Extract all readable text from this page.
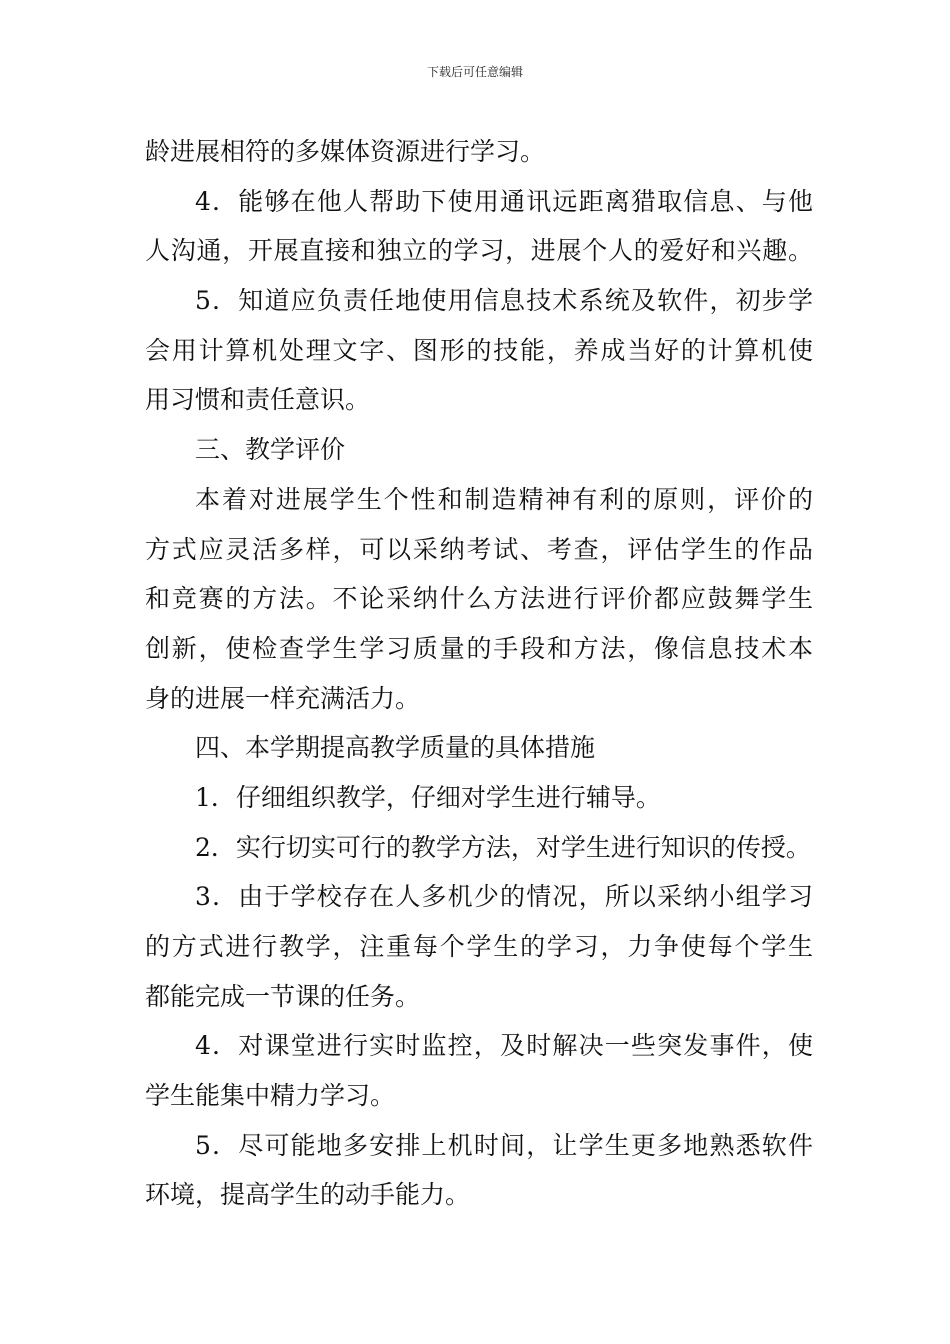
下载后可任意编辑
龄进展相符的多媒体资源进行学习。
4．能够在他人帮助下使用通讯远距离猎取信息、与他
人沟通，开展直接和独立的学习，进展个人的爱好和兴趣。
5．知道应负责任地使用信息技术系统及软件，初步学
会用计算机处理文字、图形的技能，养成当好的计算机使
用习惯和责任意识。
三、教学评价
本着对进展学生个性和制造精神有利的原则，评价的
方式应灵活多样，可以采纳考试、考查，评估学生的作品
和竞赛的方法。不论采纳什么方法进行评价都应鼓舞学生
创新，使检查学生学习质量的手段和方法，像信息技术本
身的进展一样充满活力。
四、本学期提高教学质量的具体措施
1．仔细组织教学，仔细对学生进行辅导。
2．实行切实可行的教学方法，对学生进行知识的传授。
3．由于学校存在人多机少的情况，所以采纳小组学习
的方式进行教学，注重每个学生的学习，力争使每个学生
都能完成一节课的任务。
4．对课堂进行实时监控，及时解决一些突发事件，使
学生能集中精力学习。
5．尽可能地多安排上机时间，让学生更多地熟悉软件
环境，提高学生的动手能力。
